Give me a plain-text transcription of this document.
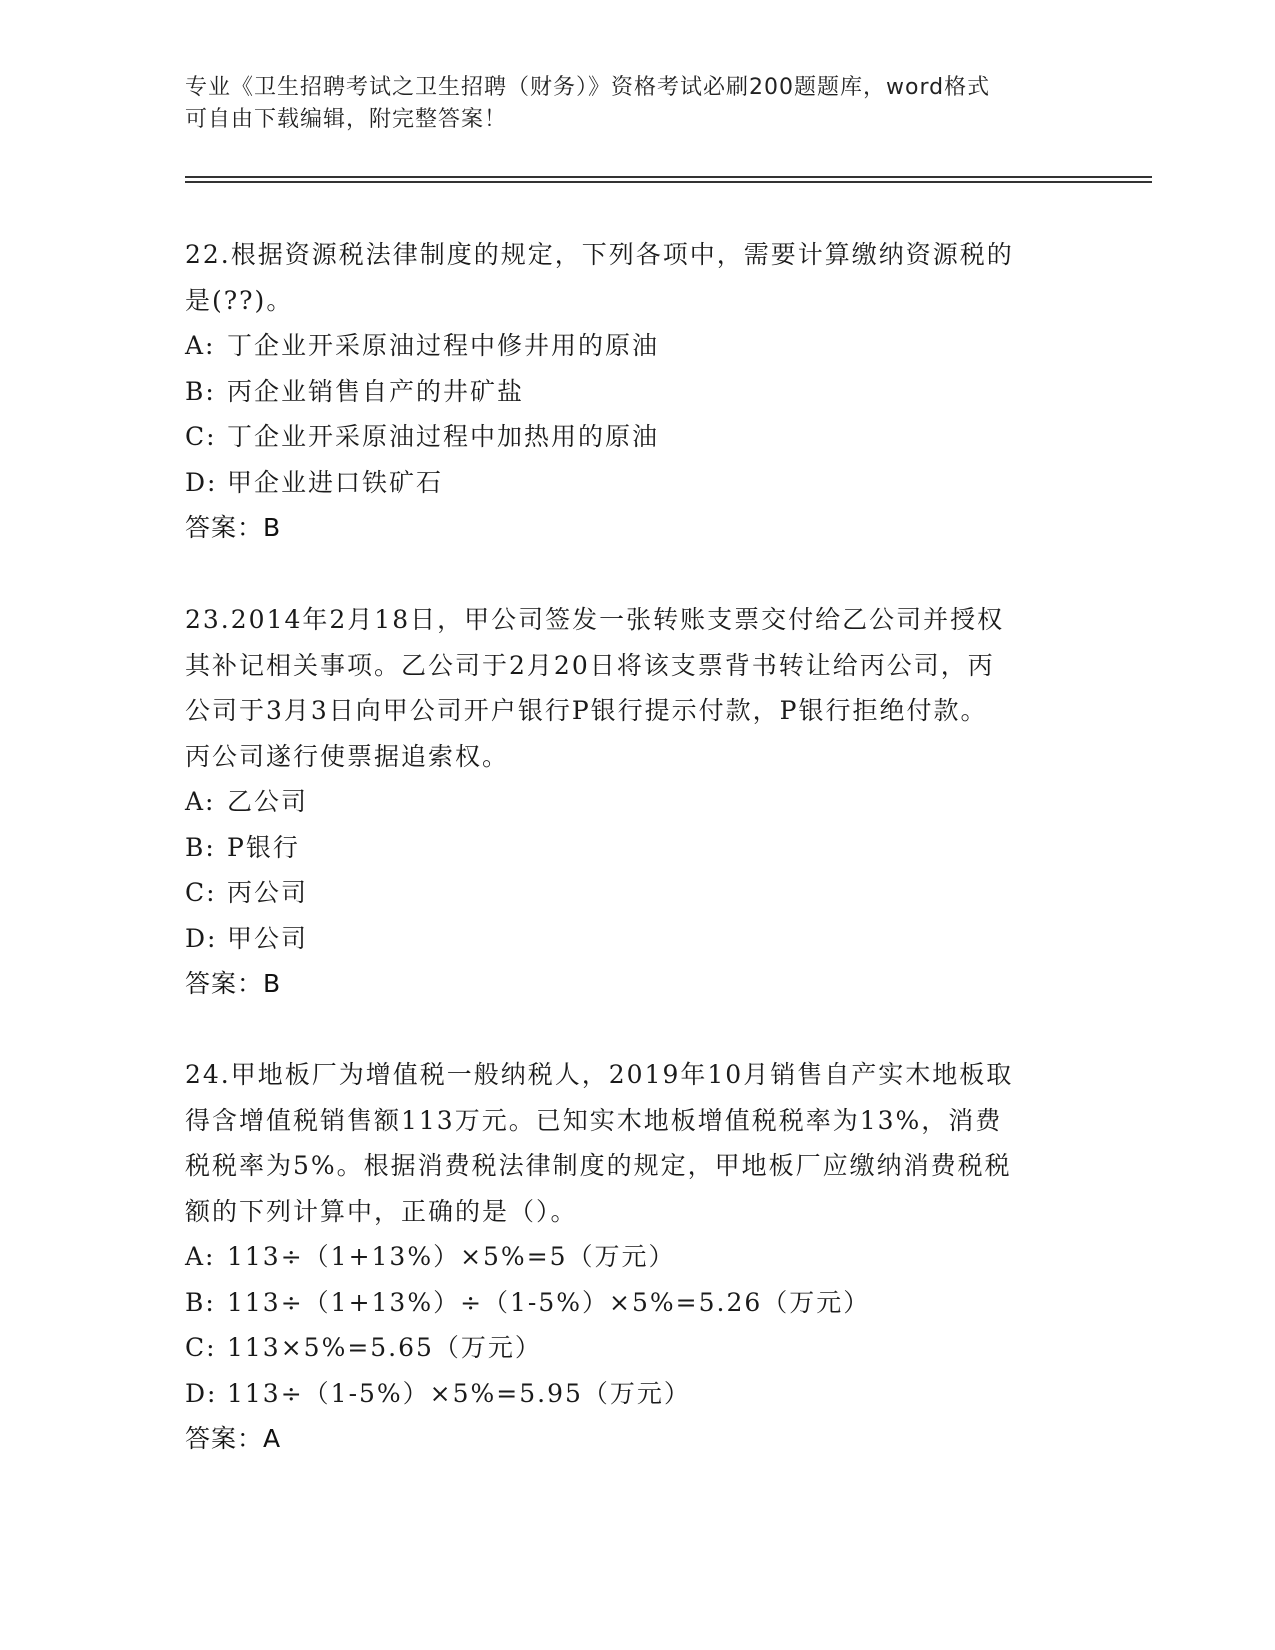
专业《卫生招聘考试之卫生招聘（财务）》资格考试必刷200题题库，word格式
可自由下载编辑，附完整答案！
22.根据资源税法律制度的规定，下列各项中，需要计算缴纳资源税的
是(??)。
A: 丁企业开采原油过程中修井用的原油
B: 丙企业销售自产的井矿盐
C: 丁企业开采原油过程中加热用的原油
D: 甲企业进口铁矿石
答案：B
23.2014年2月18日，甲公司签发一张转账支票交付给乙公司并授权
其补记相关事项。乙公司于2月20日将该支票背书转让给丙公司，丙
公司于3月3日向甲公司开户银行P银行提示付款，P银行拒绝付款。
丙公司遂行使票据追索权。
A: 乙公司
B: P银行
C: 丙公司
D: 甲公司
答案：B
24.甲地板厂为增值税一般纳税人，2019年10月销售自产实木地板取
得含增值税销售额113万元。已知实木地板增值税税率为13%，消费
税税率为5%。根据消费税法律制度的规定，甲地板厂应缴纳消费税税
额的下列计算中，正确的是（）。
A: 113÷（1+13%）×5%=5（万元）
B: 113÷（1+13%）÷（1-5%）×5%=5.26（万元）
C: 113×5%=5.65（万元）
D: 113÷（1-5%）×5%=5.95（万元）
答案：A
